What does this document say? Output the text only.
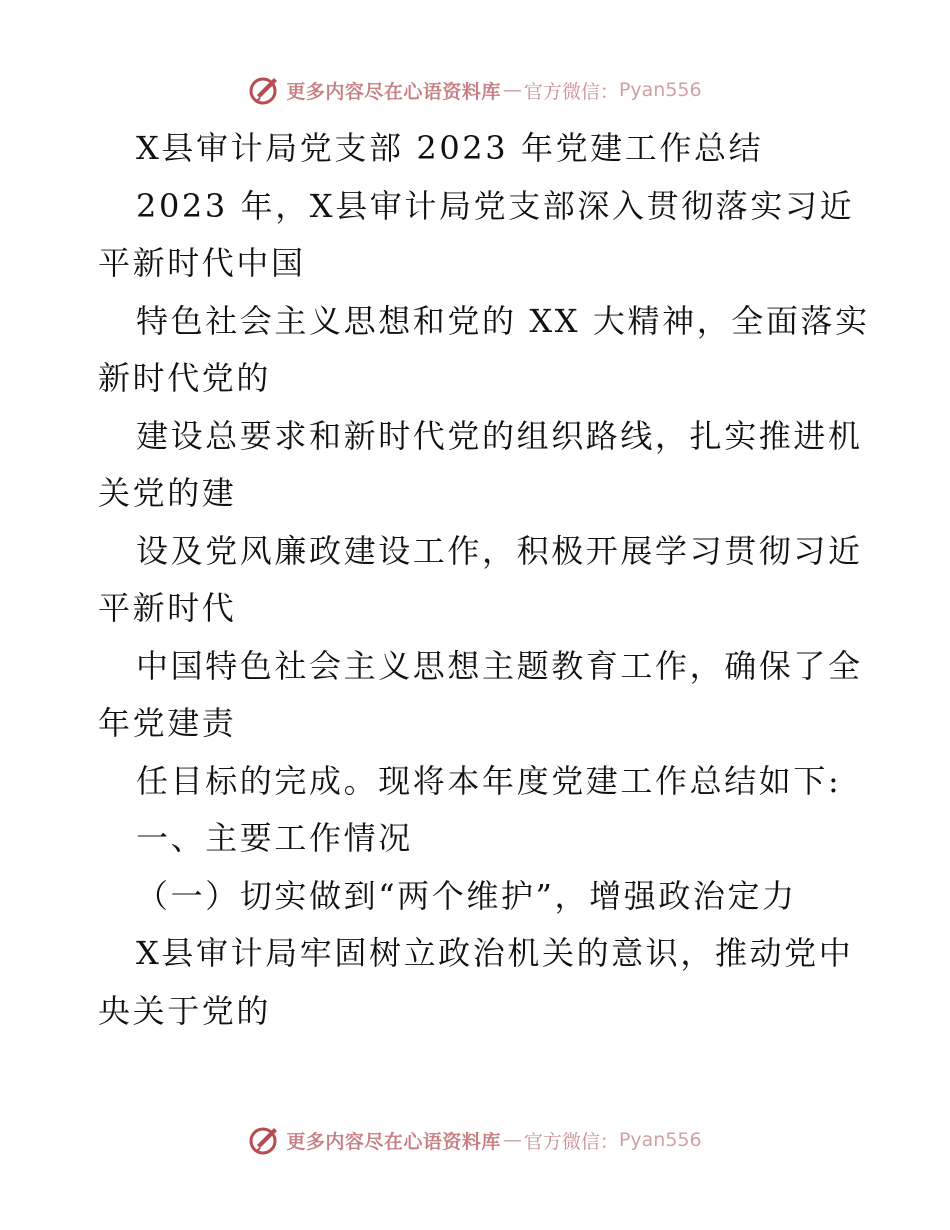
更多内容尽在心语资料库 — 官方微信： Pyan556
X县审计局党支部 2023 年党建工作总结
2023 年，X县审计局党支部深入贯彻落实习近
平新时代中国
特色社会主义思想和党的 XX 大精神，全面落实
新时代党的
建设总要求和新时代党的组织路线，扎实推进机
关党的建
设及党风廉政建设工作，积极开展学习贯彻习近
平新时代
中国特色社会主义思想主题教育工作，确保了全
年党建责
任目标的完成。现将本年度党建工作总结如下:
一、主要工作情况
（一）切实做到“两个维护”，增强政治定力
X县审计局牢固树立政治机关的意识，推动党中
央关于党的
更多内容尽在心语资料库 — 官方微信： Pyan556
